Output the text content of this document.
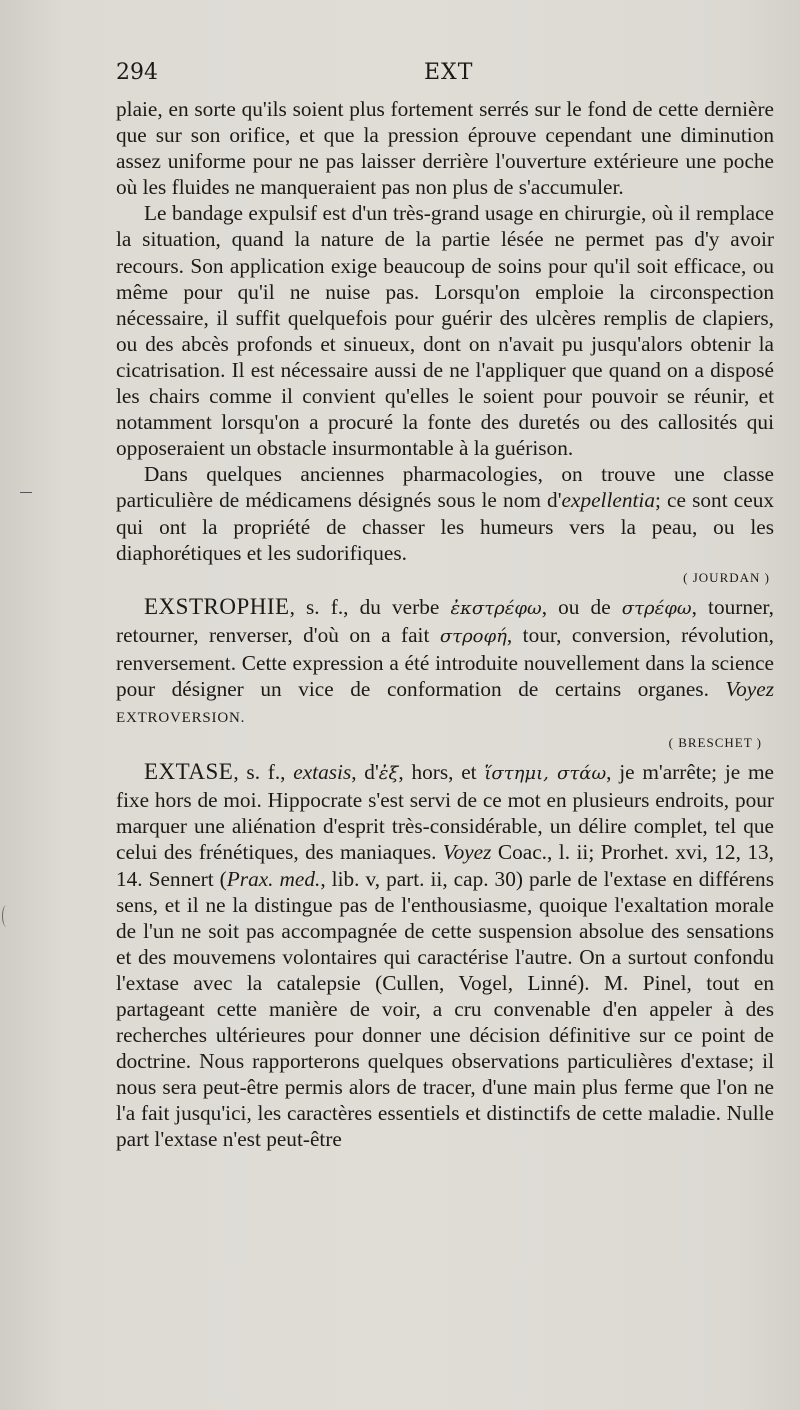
294	EXT

plaie, en sorte qu'ils soient plus fortement serrés sur le fond de cette dernière que sur son orifice, et que la pression éprouve cependant une diminution assez uniforme pour ne pas laisser derrière l'ouverture extérieure une poche où les fluides ne manqueraient pas non plus de s'accumuler.

Le bandage expulsif est d'un très-grand usage en chirurgie, où il remplace la situation, quand la nature de la partie lésée ne permet pas d'y avoir recours. Son application exige beaucoup de soins pour qu'il soit efficace, ou même pour qu'il ne nuise pas. Lorsqu'on emploie la circonspection nécessaire, il suffit quelquefois pour guérir des ulcères remplis de clapiers, ou des abcès profonds et sinueux, dont on n'avait pu jusqu'alors obtenir la cicatrisation. Il est nécessaire aussi de ne l'appliquer que quand on a disposé les chairs comme il convient qu'elles le soient pour pouvoir se réunir, et notamment lorsqu'on a procuré la fonte des duretés ou des callosités qui opposeraient un obstacle insurmontable à la guérison.

Dans quelques anciennes pharmacologies, on trouve une classe particulière de médicamens désignés sous le nom d'expellentia; ce sont ceux qui ont la propriété de chasser les humeurs vers la peau, ou les diaphorétiques et les sudorifiques.

( JOURDAN )

EXSTROPHIE, s. f., du verbe ἐκστρέφω, ou de στρέφω, tourner, retourner, renverser, d'où on a fait στροφή, tour, conversion, révolution, renversement. Cette expression a été introduite nouvellement dans la science pour désigner un vice de conformation de certains organes. Voyez EXTROVERSION.

( BRESCHET )

EXTASE, s. f., extasis, d'ἐξ, hors, et ἵστημι, στάω, je m'arrête; je me fixe hors de moi. Hippocrate s'est servi de ce mot en plusieurs endroits, pour marquer une aliénation d'esprit très-considérable, un délire complet, tel que celui des frénétiques, des maniaques. Voyez Coac., l. ii; Prorhet. xvi, 12, 13, 14. Sennert (Prax. med., lib. v, part. ii, cap. 30) parle de l'extase en différens sens, et il ne la distingue pas de l'enthousiasme, quoique l'exaltation morale de l'un ne soit pas accompagnée de cette suspension absolue des sensations et des mouvemens volontaires qui caractérise l'autre. On a surtout confondu l'extase avec la catalepsie (Cullen, Vogel, Linné). M. Pinel, tout en partageant cette manière de voir, a cru convenable d'en appeler à des recherches ultérieures pour donner une décision définitive sur ce point de doctrine. Nous rapporterons quelques observations particulières d'extase; il nous sera peut-être permis alors de tracer, d'une main plus ferme que l'on ne l'a fait jusqu'ici, les caractères essentiels et distinctifs de cette maladie. Nulle part l'extase n'est peut-être
